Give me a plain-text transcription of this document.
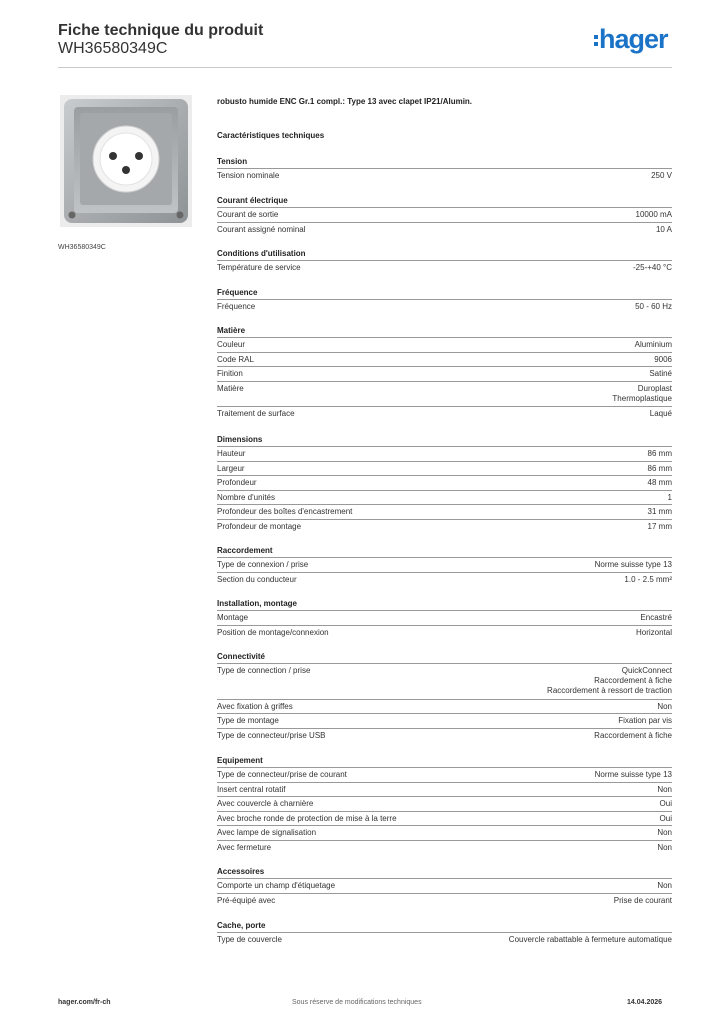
Fiche technique du produit
WH36580349C	hager
WH36580349C
robusto humide ENC Gr.1 compl.: Type 13 avec clapet IP21/Alumin.
Caractéristiques techniques
Tension
Tension nominale	250 V
Courant électrique
Courant de sortie	10000 mA
Courant assigné nominal	10 A
Conditions d'utilisation
Température de service	-25-+40 °C
Fréquence
Fréquence	50 - 60 Hz
Matière
Couleur	Aluminium
Code RAL	9006
Finition	Satiné
Matière	Duroplast
Thermoplastique
Traitement de surface	Laqué
Dimensions
Hauteur	86 mm
Largeur	86 mm
Profondeur	48 mm
Nombre d'unités	1
Profondeur des boîtes d'encastrement	31 mm
Profondeur de montage	17 mm
Raccordement
Type de connexion / prise	Norme suisse type 13
Section du conducteur	1.0 - 2.5 mm²
Installation, montage
Montage	Encastré
Position de montage/connexion	Horizontal
Connectivité
Type de connection / prise	QuickConnect
Raccordement à fiche
Raccordement à ressort de traction
Avec fixation à griffes	Non
Type de montage	Fixation par vis
Type de connecteur/prise USB	Raccordement à fiche
Equipement
Type de connecteur/prise de courant	Norme suisse type 13
Insert central rotatif	Non
Avec couvercle à charnière	Oui
Avec broche ronde de protection de mise à la terre	Oui
Avec lampe de signalisation	Non
Avec fermeture	Non
Accessoires
Comporte un champ d'étiquetage	Non
Pré-équipé avec	Prise de courant
Cache, porte
Type de couvercle	Couvercle rabattable à fermeture automatique
hager.com/fr-ch	Sous réserve de modifications techniques	14.04.2026
